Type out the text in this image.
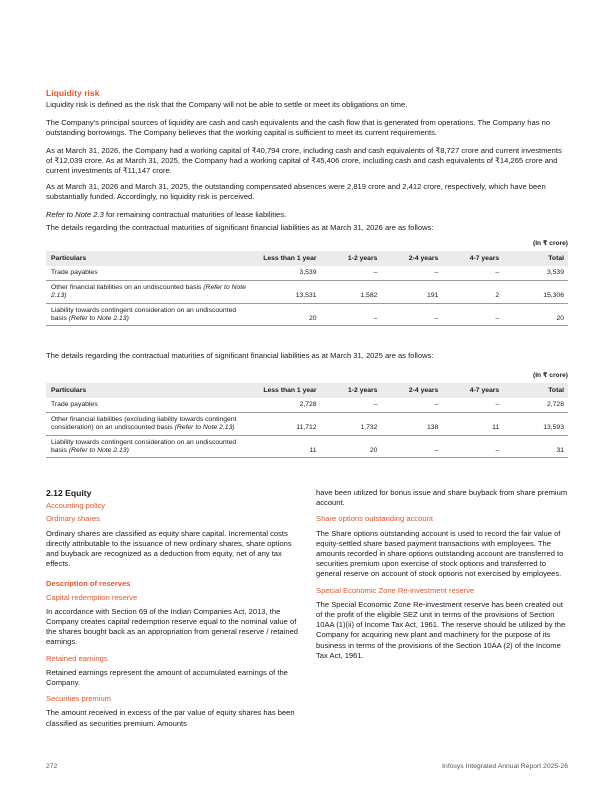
Liquidity risk

Liquidity risk is defined as the risk that the Company will not be able to settle or meet its obligations on time.

The Company's principal sources of liquidity are cash and cash equivalents and the cash flow that is generated from operations. The Company has no outstanding borrowings. The Company believes that the working capital is sufficient to meet its current requirements.

As at March 31, 2026, the Company had a working capital of ₹40,794 crore, including cash and cash equivalents of ₹8,727 crore and current investments of ₹12,039 crore. As at March 31, 2025, the Company had a working capital of ₹45,406 crore, including cash and cash equivalents of ₹14,265 crore and current investments of ₹11,147 crore.

As at March 31, 2026 and March 31, 2025, the outstanding compensated absences were 2,819 crore and 2,412 crore, respectively, which have been substantially funded. Accordingly, no liquidity risk is perceived.

Refer to Note 2.3 for remaining contractual maturities of lease liabilities.

The details regarding the contractual maturities of significant financial liabilities as at March 31, 2026 are as follows:

(In ₹ crore)
Particulars	Less than 1 year	1-2 years	2-4 years	4-7 years	Total
Trade payables	3,539	–	–	–	3,539
Other financial liabilities on an undiscounted basis (Refer to Note 2.13)	13,531	1,582	191	2	15,306
Liability towards contingent consideration on an undiscounted basis (Refer to Note 2.13)	20	–	–	–	20

The details regarding the contractual maturities of significant financial liabilities as at March 31, 2025 are as follows:

(In ₹ crore)
Particulars	Less than 1 year	1-2 years	2-4 years	4-7 years	Total
Trade payables	2,728	–	–	–	2,728
Other financial liabilities (excluding liability towards contingent consideration) on an undiscounted basis (Refer to Note 2.13)	11,712	1,732	138	11	13,593
Liability towards contingent consideration on an undiscounted basis (Refer to Note 2.13)	11	20	–	–	31

2.12 Equity

Accounting policy

Ordinary shares

Ordinary shares are classified as equity share capital. Incremental costs directly attributable to the issuance of new ordinary shares, share options and buyback are recognized as a deduction from equity, net of any tax effects.

Description of reserves

Capital redemption reserve

In accordance with Section 69 of the Indian Companies Act, 2013, the Company creates capital redemption reserve equal to the nominal value of the shares bought back as an appropriation from general reserve / retained earnings.

Retained earnings

Retained earnings represent the amount of accumulated earnings of the Company.

Securities premium

The amount received in excess of the par value of equity shares has been classified as securities premium. Amounts

have been utilized for bonus issue and share buyback from share premium account.

Share options outstanding account

The Share options outstanding account is used to record the fair value of equity-settled share based payment transactions with employees. The amounts recorded in share options outstanding account are transferred to securities premium upon exercise of stock options and transferred to general reserve on account of stock options not exercised by employees.

Special Economic Zone Re-investment reserve

The Special Economic Zone Re-investment reserve has been created out of the profit of the eligible SEZ unit in terms of the provisions of Section 10AA (1)(ii) of Income Tax Act, 1961. The reserve should be utilized by the Company for acquiring new plant and machinery for the purpose of its business in terms of the provisions of the Section 10AA (2) of the Income Tax Act, 1961.

272	Infosys Integrated Annual Report 2025-26
